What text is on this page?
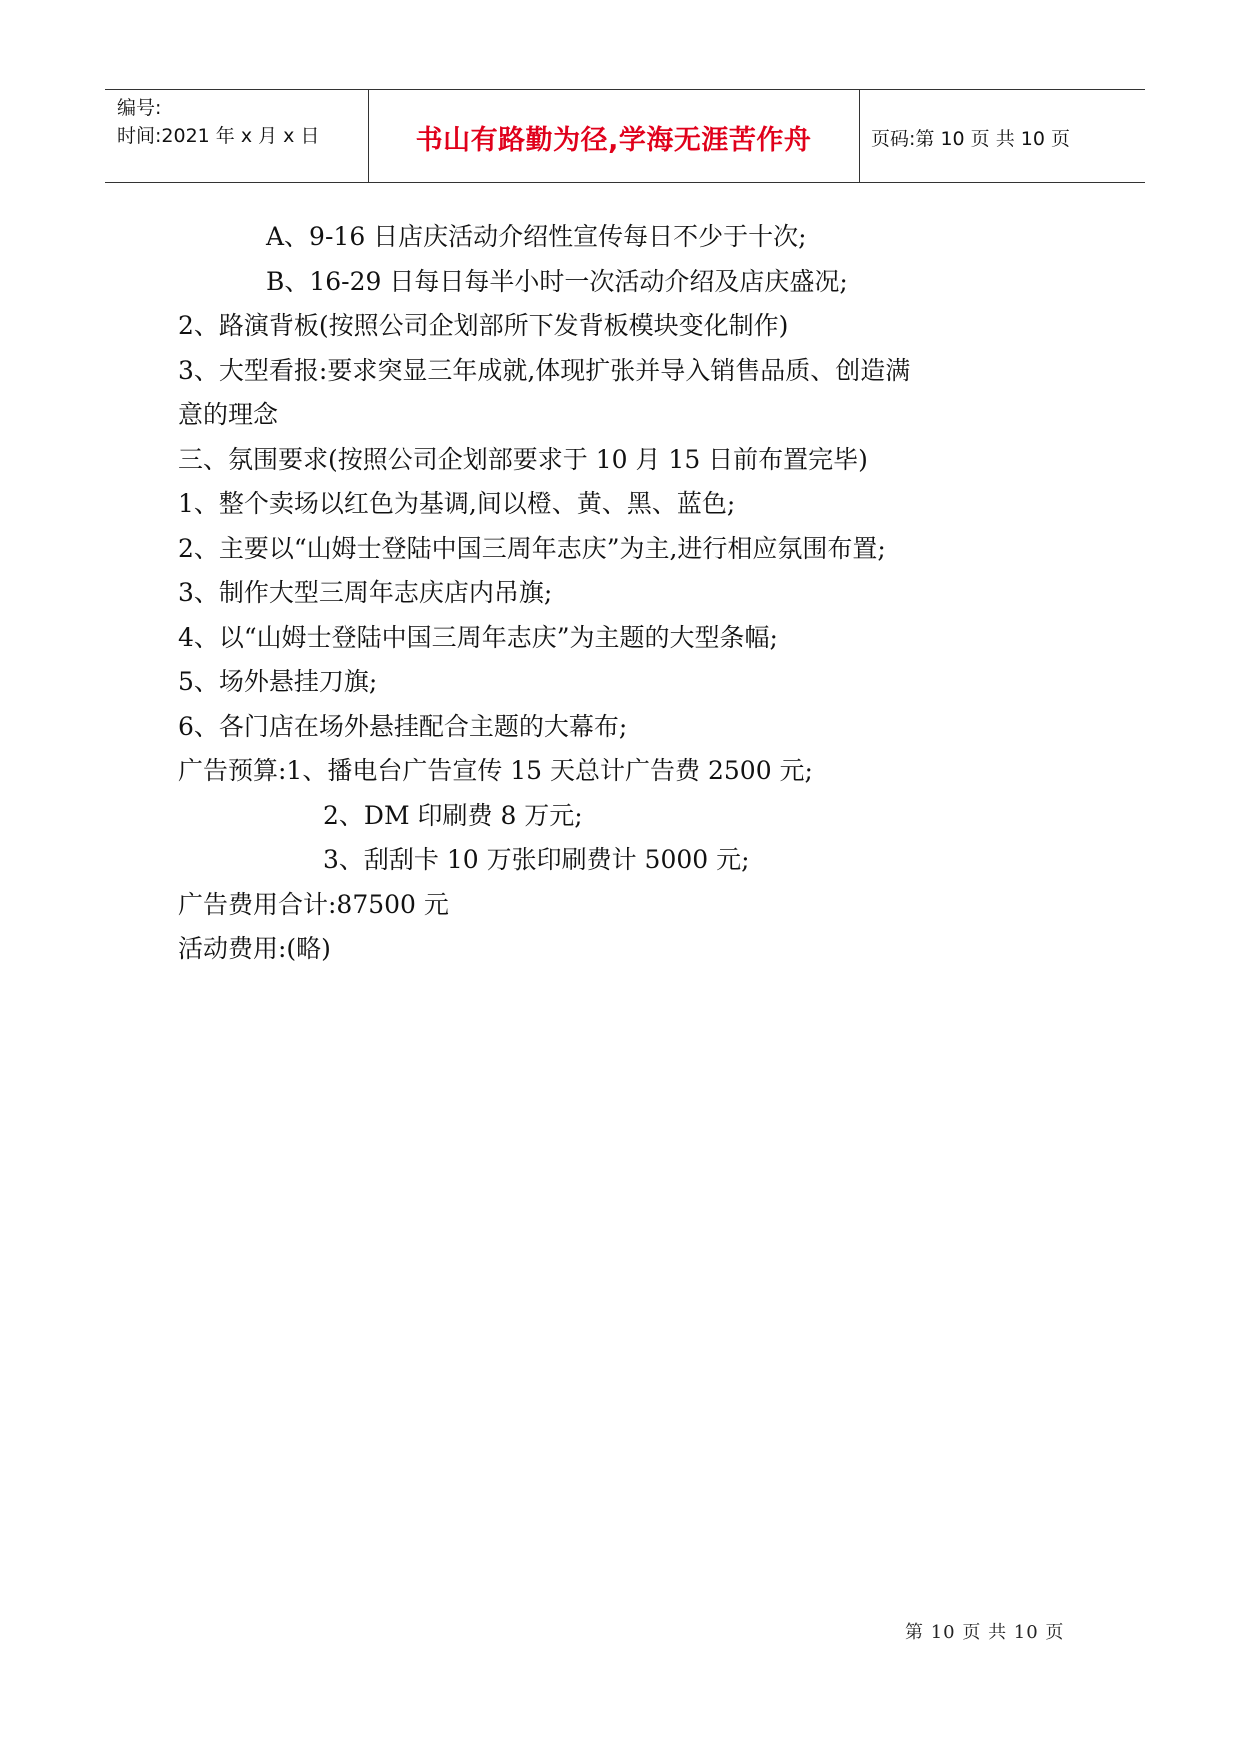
编号:
时间:2021 年 x 月 x 日	书山有路勤为径,学海无涯苦作舟	页码:第 10 页 共 10 页
A、9-16 日店庆活动介绍性宣传每日不少于十次;
B、16-29 日每日每半小时一次活动介绍及店庆盛况;
2、路演背板(按照公司企划部所下发背板模块变化制作)
3、大型看报:要求突显三年成就,体现扩张并导入销售品质、创造满
意的理念
三、氛围要求(按照公司企划部要求于 10 月 15 日前布置完毕)
1、整个卖场以红色为基调,间以橙、黄、黑、蓝色;
2、主要以“山姆士登陆中国三周年志庆”为主,进行相应氛围布置;
3、制作大型三周年志庆店内吊旗;
4、以“山姆士登陆中国三周年志庆”为主题的大型条幅;
5、场外悬挂刀旗;
6、各门店在场外悬挂配合主题的大幕布;
广告预算:1、播电台广告宣传 15 天总计广告费 2500 元;
2、DM 印刷费 8 万元;
3、刮刮卡 10 万张印刷费计 5000 元;
广告费用合计:87500 元
活动费用:(略)
第 10 页 共 10 页
